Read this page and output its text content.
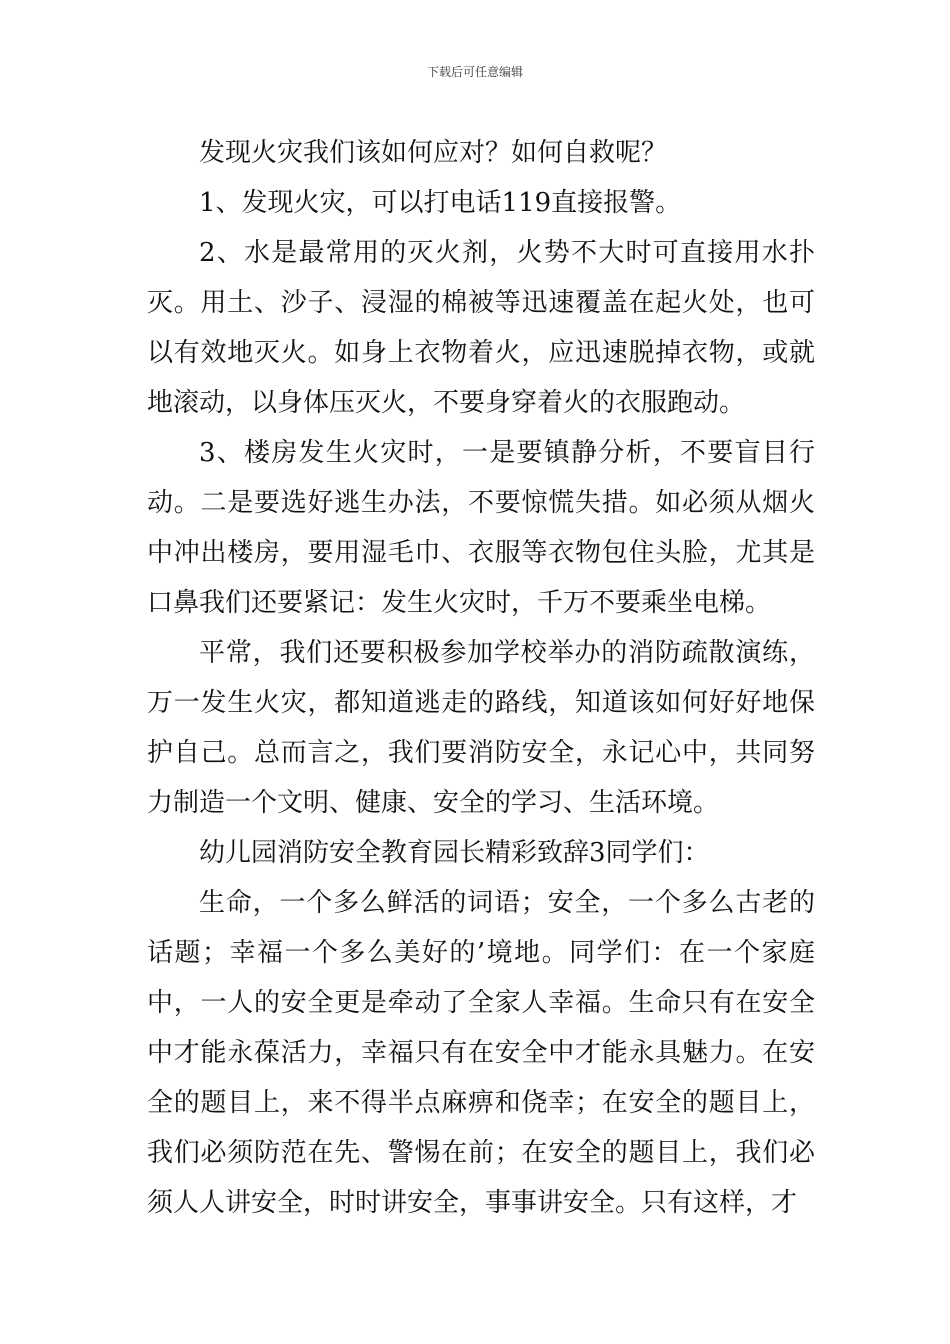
下载后可任意编辑

发现火灾我们该如何应对？如何自救呢？

1、发现火灾，可以打电话119直接报警。

2、水是最常用的灭火剂，火势不大时可直接用水扑灭。用土、沙子、浸湿的棉被等迅速覆盖在起火处，也可以有效地灭火。如身上衣物着火，应迅速脱掉衣物，或就地滚动，以身体压灭火，不要身穿着火的衣服跑动。

3、楼房发生火灾时，一是要镇静分析，不要盲目行动。二是要选好逃生办法，不要惊慌失措。如必须从烟火中冲出楼房，要用湿毛巾、衣服等衣物包住头脸，尤其是口鼻我们还要紧记：发生火灾时，千万不要乘坐电梯。

平常，我们还要积极参加学校举办的消防疏散演练，万一发生火灾，都知道逃走的路线，知道该如何好好地保护自己。总而言之，我们要消防安全，永记心中，共同努力制造一个文明、健康、安全的学习、生活环境。

幼儿园消防安全教育园长精彩致辞3同学们：

生命，一个多么鲜活的词语；安全，一个多么古老的话题；幸福一个多么美好的’境地。同学们：在一个家庭中，一人的安全更是牵动了全家人幸福。生命只有在安全中才能永葆活力，幸福只有在安全中才能永具魅力。在安全的题目上，来不得半点麻痹和侥幸；在安全的题目上，我们必须防范在先、警惕在前；在安全的题目上，我们必须人人讲安全，时时讲安全，事事讲安全。只有这样，才
